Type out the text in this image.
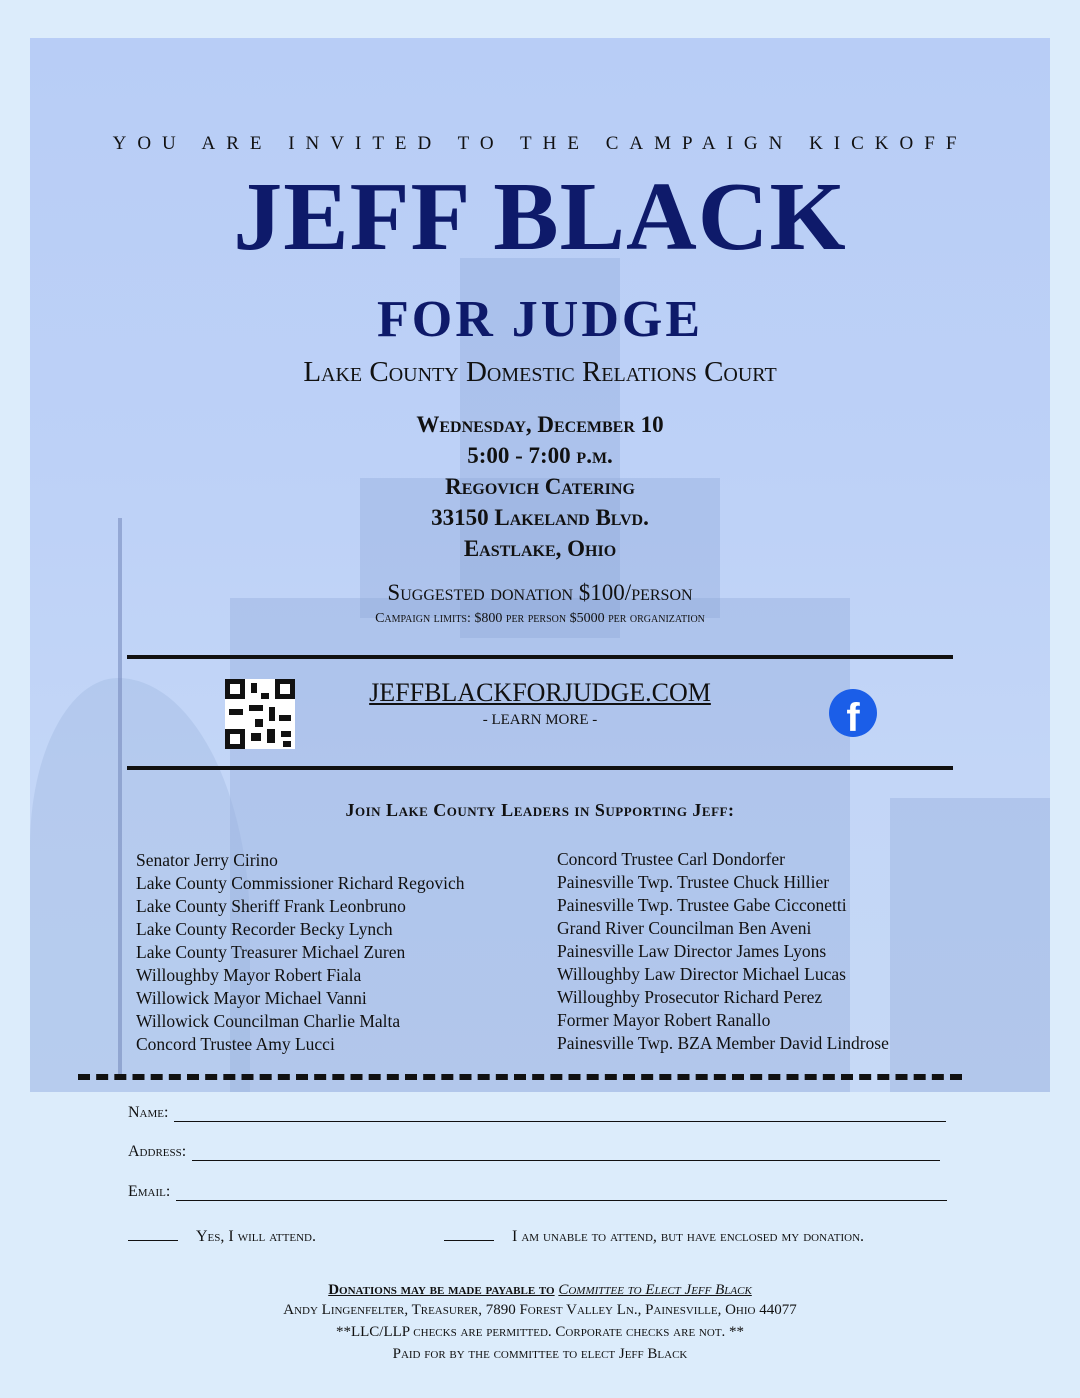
YOU ARE INVITED TO THE CAMPAIGN KICKOFF
JEFF BLACK
FOR JUDGE
Lake County Domestic Relations Court
Wednesday, December 10
5:00 - 7:00 p.m.
Regovich Catering
33150 Lakeland Blvd.
Eastlake, Ohio
Suggested donation $100/person
Campaign limits: $800 per person $5000 per organization
JEFFBLACKFORJUDGE.COM
- LEARN MORE -	f
Join Lake County Leaders in Supporting Jeff:
Senator Jerry Cirino
Lake County Commissioner Richard Regovich
Lake County Sheriff Frank Leonbruno
Lake County Recorder Becky Lynch
Lake County Treasurer Michael Zuren
Willoughby Mayor Robert Fiala
Willowick Mayor Michael Vanni
Willowick Councilman Charlie Malta
Concord Trustee Amy Lucci
Concord Trustee Carl Dondorfer
Painesville Twp. Trustee Chuck Hillier
Painesville Twp. Trustee Gabe Cicconetti
Grand River Councilman Ben Aveni
Painesville Law Director James Lyons
Willoughby Law Director Michael Lucas
Willoughby Prosecutor Richard Perez
Former Mayor Robert Ranallo
Painesville Twp. BZA Member David Lindrose
Name:
Address:
Email:
Yes, I will attend.	I am unable to attend, but have enclosed my donation.
Donations may be made payable to Committee to Elect Jeff Black
Andy Lingenfelter, Treasurer, 7890 Forest Valley Ln., Painesville, Ohio 44077
**LLC/LLP checks are permitted. Corporate checks are not. **
Paid for by the committee to elect Jeff Black
